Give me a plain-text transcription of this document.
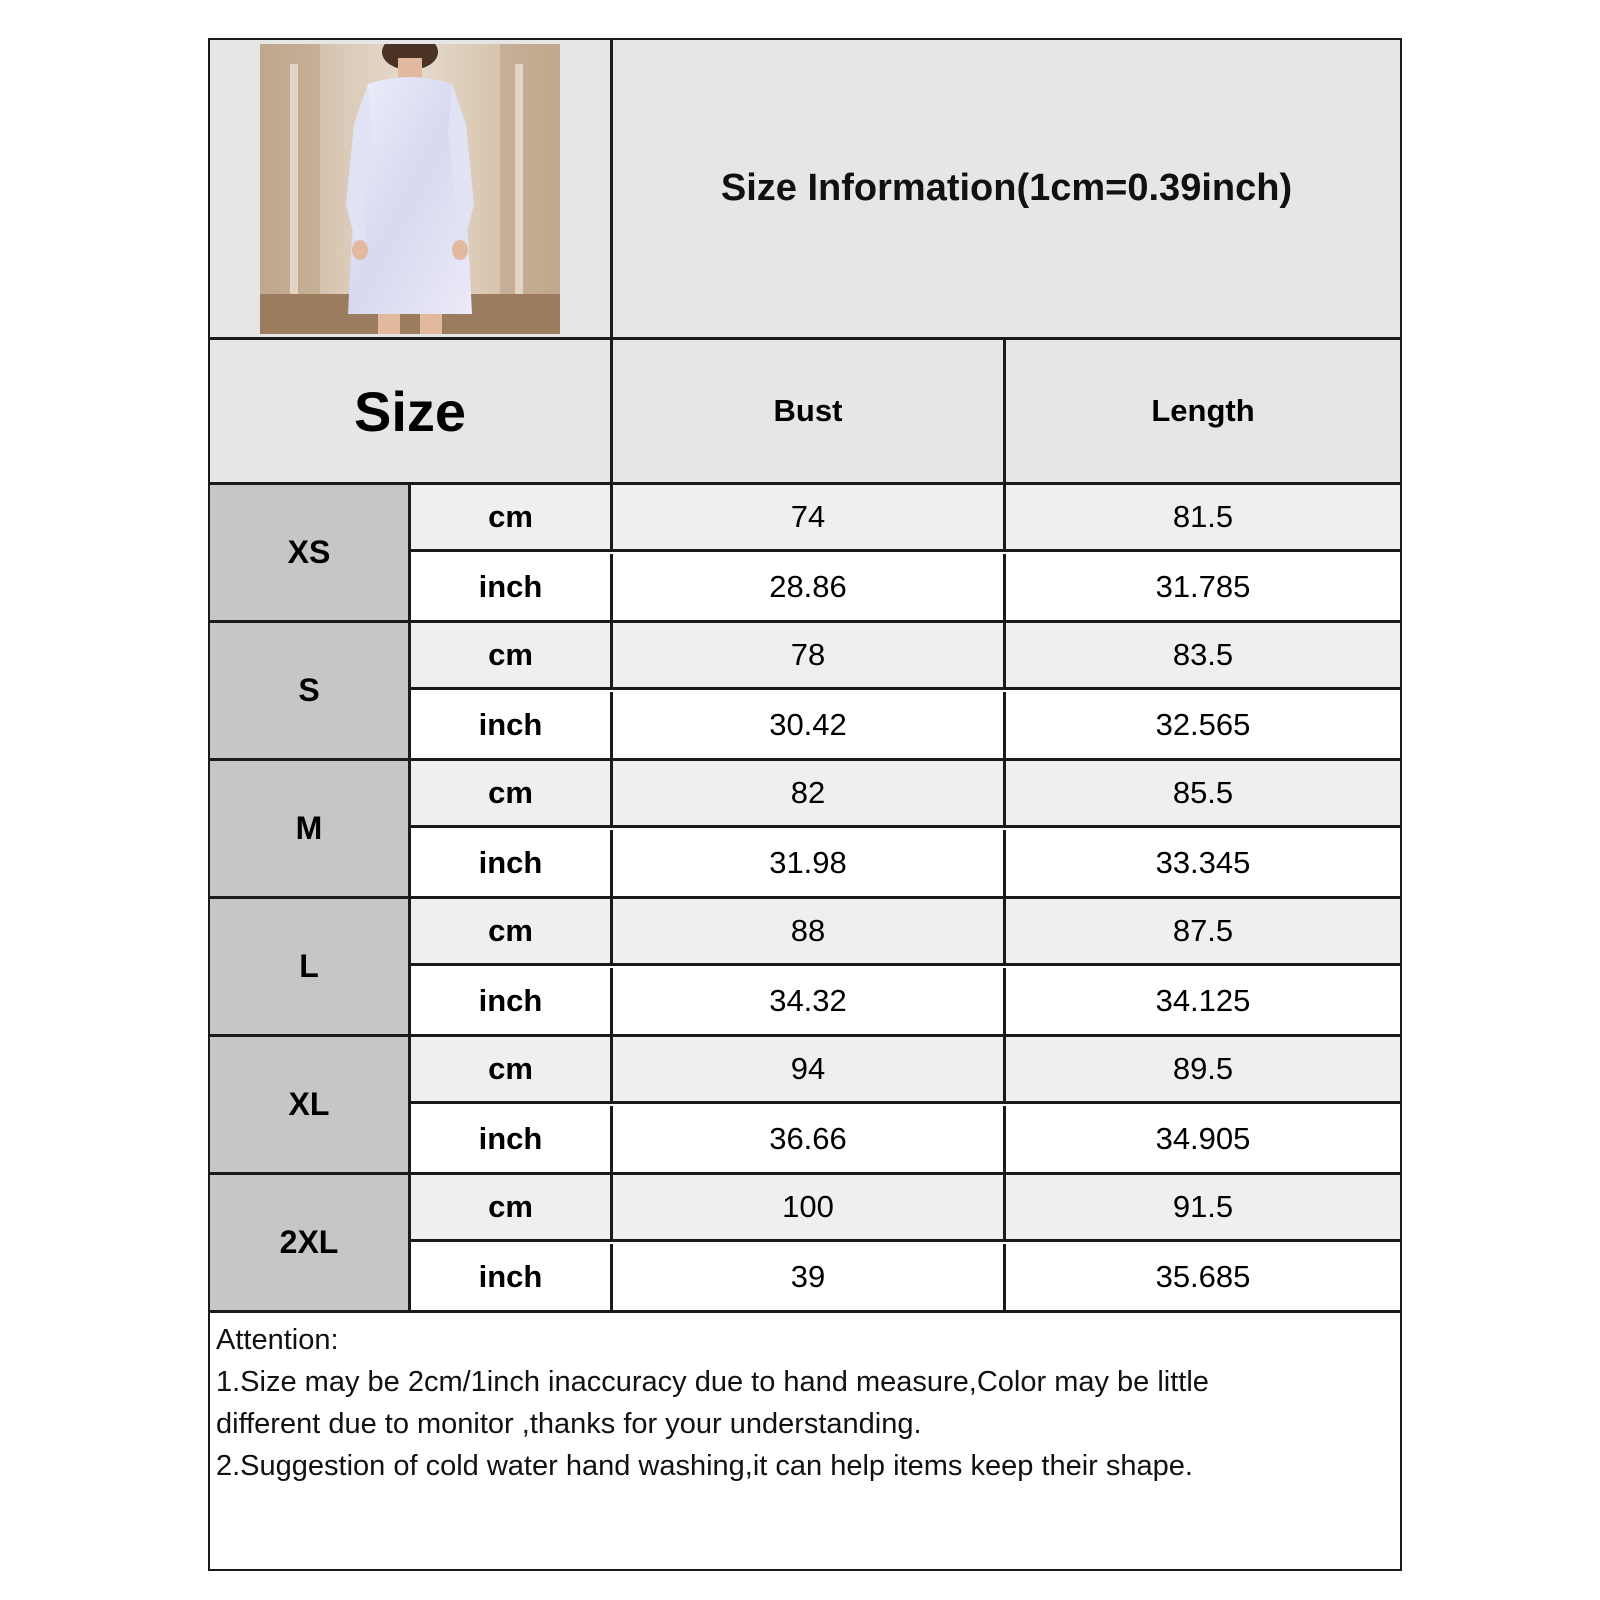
Size Information(1cm=0.39inch)
Size	Bust	Length
XS
cm	74	81.5
inch	28.86	31.785
S
cm	78	83.5
inch	30.42	32.565
M
cm	82	85.5
inch	31.98	33.345
L
cm	88	87.5
inch	34.32	34.125
XL
cm	94	89.5
inch	36.66	34.905
2XL
cm	100	91.5
inch	39	35.685
Attention:
1.Size may be 2cm/1inch inaccuracy due to hand measure,Color may be little
different due to monitor ,thanks for your understanding.
2.Suggestion of cold water hand washing,it can help items keep their shape.
